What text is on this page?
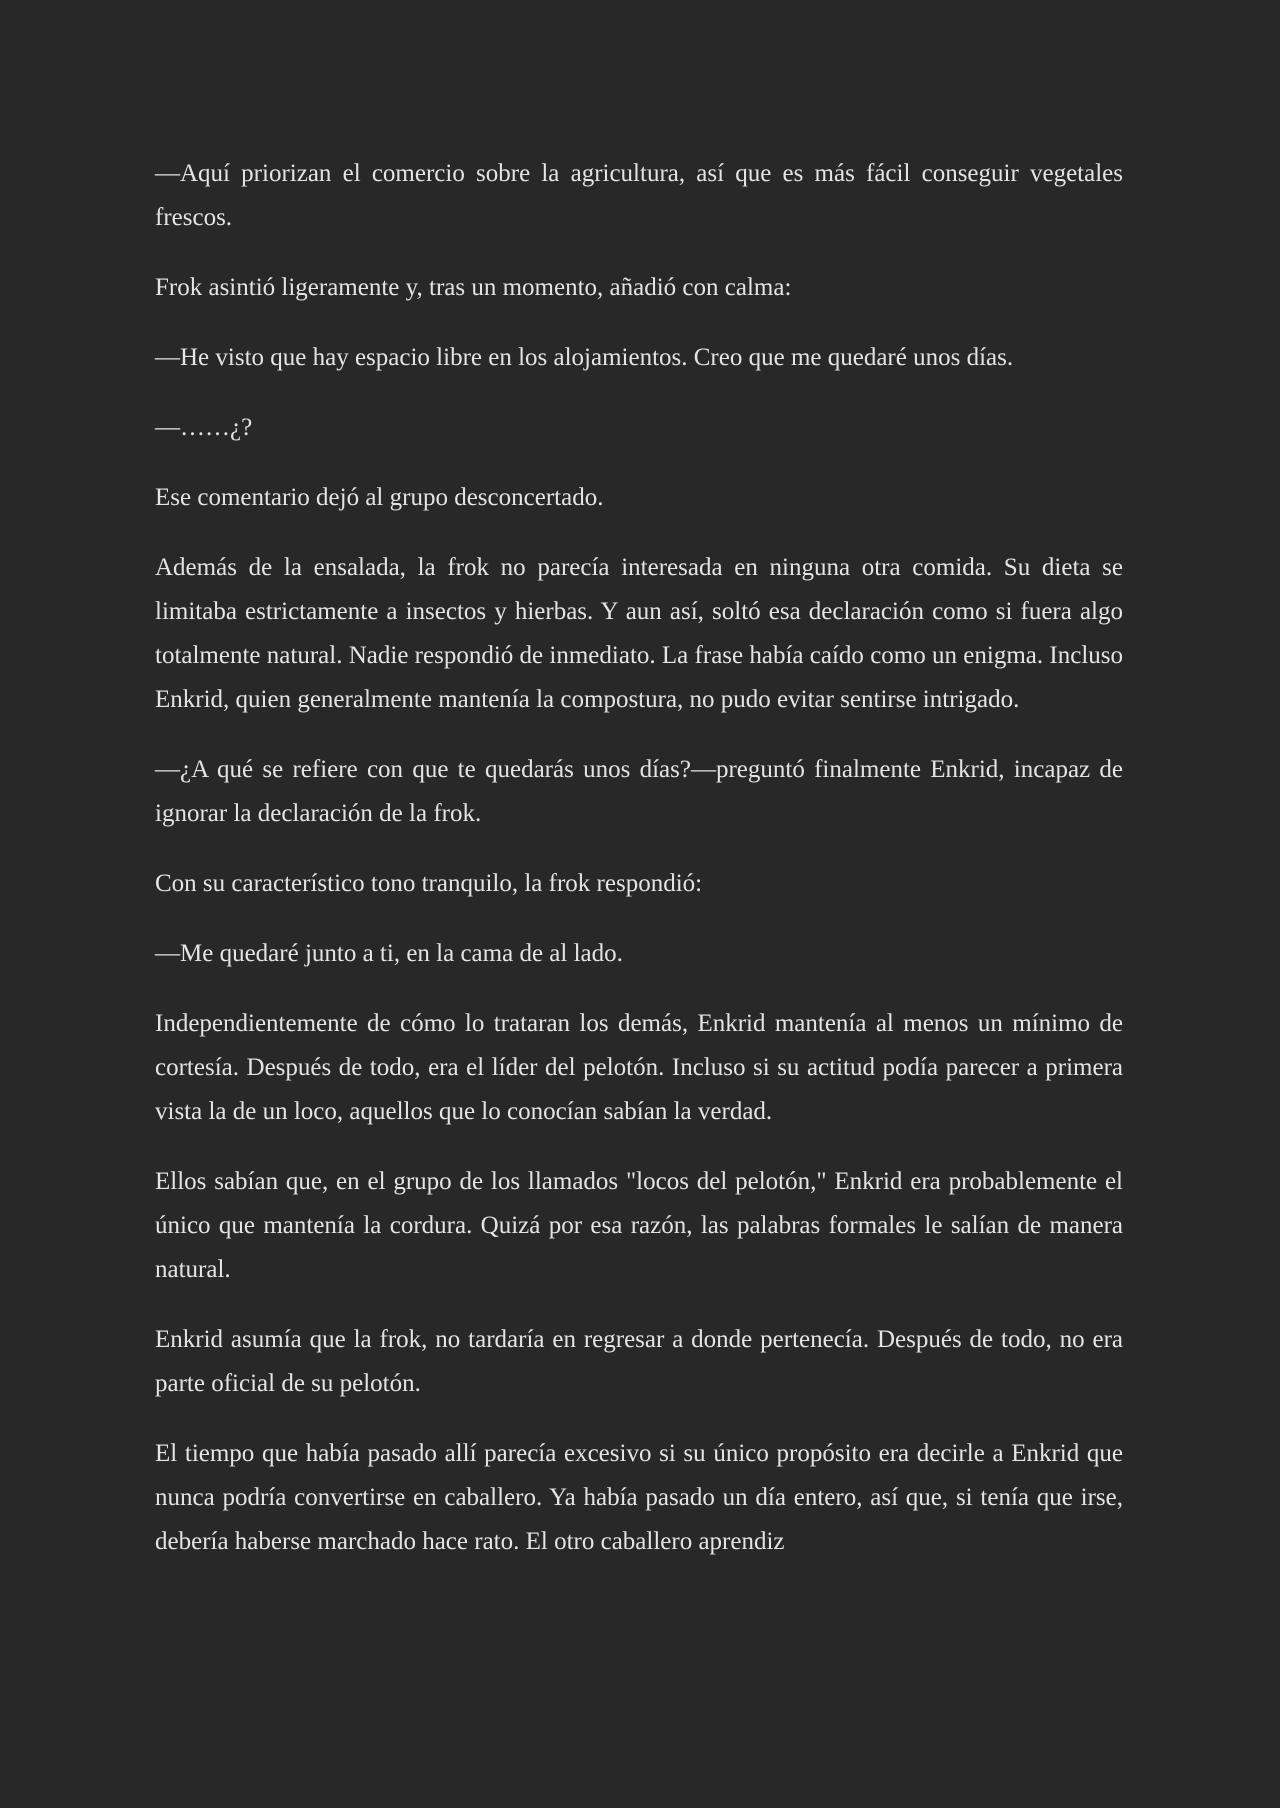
—Aquí priorizan el comercio sobre la agricultura, así que es más fácil conseguir vegetales frescos.

Frok asintió ligeramente y, tras un momento, añadió con calma:

—He visto que hay espacio libre en los alojamientos. Creo que me quedaré unos días.

—……¿?

Ese comentario dejó al grupo desconcertado.

Además de la ensalada, la frok no parecía interesada en ninguna otra comida. Su dieta se limitaba estrictamente a insectos y hierbas. Y aun así, soltó esa declaración como si fuera algo totalmente natural. Nadie respondió de inmediato. La frase había caído como un enigma. Incluso Enkrid, quien generalmente mantenía la compostura, no pudo evitar sentirse intrigado.

—¿A qué se refiere con que te quedarás unos días?—preguntó finalmente Enkrid, incapaz de ignorar la declaración de la frok.

Con su característico tono tranquilo, la frok respondió:

—Me quedaré junto a ti, en la cama de al lado.

Independientemente de cómo lo trataran los demás, Enkrid mantenía al menos un mínimo de cortesía. Después de todo, era el líder del pelotón. Incluso si su actitud podía parecer a primera vista la de un loco, aquellos que lo conocían sabían la verdad.

Ellos sabían que, en el grupo de los llamados "locos del pelotón," Enkrid era probablemente el único que mantenía la cordura. Quizá por esa razón, las palabras formales le salían de manera natural.

Enkrid asumía que la frok, no tardaría en regresar a donde pertenecía. Después de todo, no era parte oficial de su pelotón.

El tiempo que había pasado allí parecía excesivo si su único propósito era decirle a Enkrid que nunca podría convertirse en caballero. Ya había pasado un día entero, así que, si tenía que irse, debería haberse marchado hace rato. El otro caballero aprendiz
